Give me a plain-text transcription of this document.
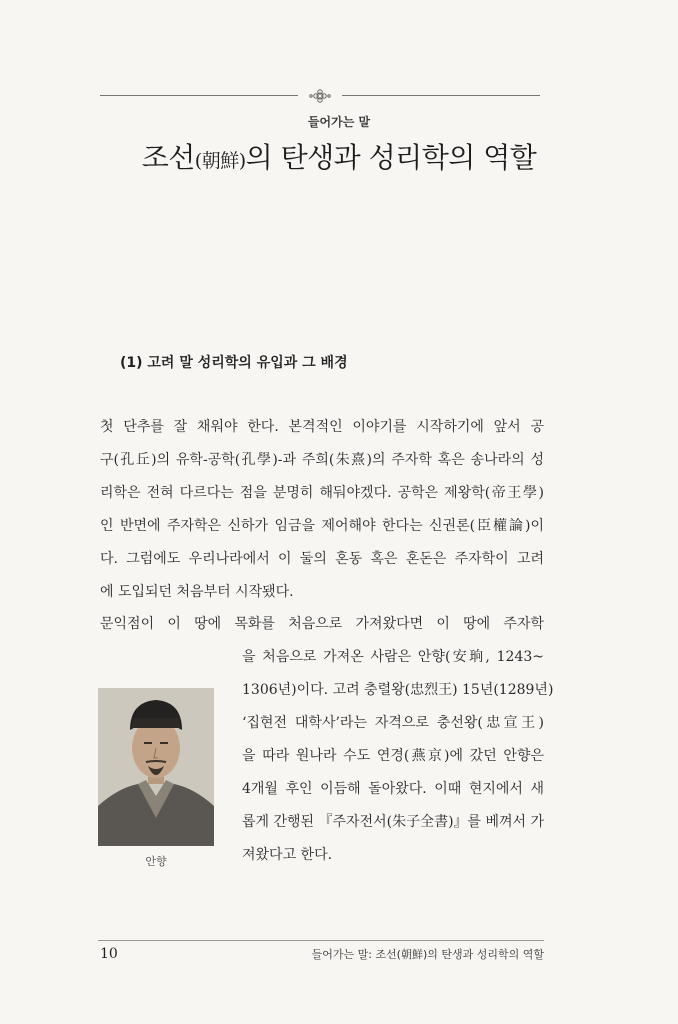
들어가는 말
조선(朝鮮)의 탄생과 성리학의 역할
(1) 고려 말 성리학의 유입과 그 배경
첫 단추를 잘 채워야 한다. 본격적인 이야기를 시작하기에 앞서 공
구(孔丘)의 유학-공학(孔學)-과 주희(朱熹)의 주자학 혹은 송나라의 성
리학은 전혀 다르다는 점을 분명히 해둬야겠다. 공학은 제왕학(帝王學)
인 반면에 주자학은 신하가 임금을 제어해야 한다는 신권론(臣權論)이
다. 그럼에도 우리나라에서 이 둘의 혼동 혹은 혼돈은 주자학이 고려
에 도입되던 처음부터 시작됐다.
문익점이 이 땅에 목화를 처음으로 가져왔다면 이 땅에 주자학
을 처음으로 가져온 사람은 안향(安珦, 1243~
1306년)이다. 고려 충렬왕(忠烈王) 15년(1289년)
‘집현전 대학사’라는 자격으로 충선왕(忠宣王)
을 따라 원나라 수도 연경(燕京)에 갔던 안향은
4개월 후인 이듬해 돌아왔다. 이때 현지에서 새
롭게 간행된 『주자전서(朱子全書)』를 베껴서 가
져왔다고 한다.
안향
10	들어가는 말: 조선(朝鮮)의 탄생과 성리학의 역할
